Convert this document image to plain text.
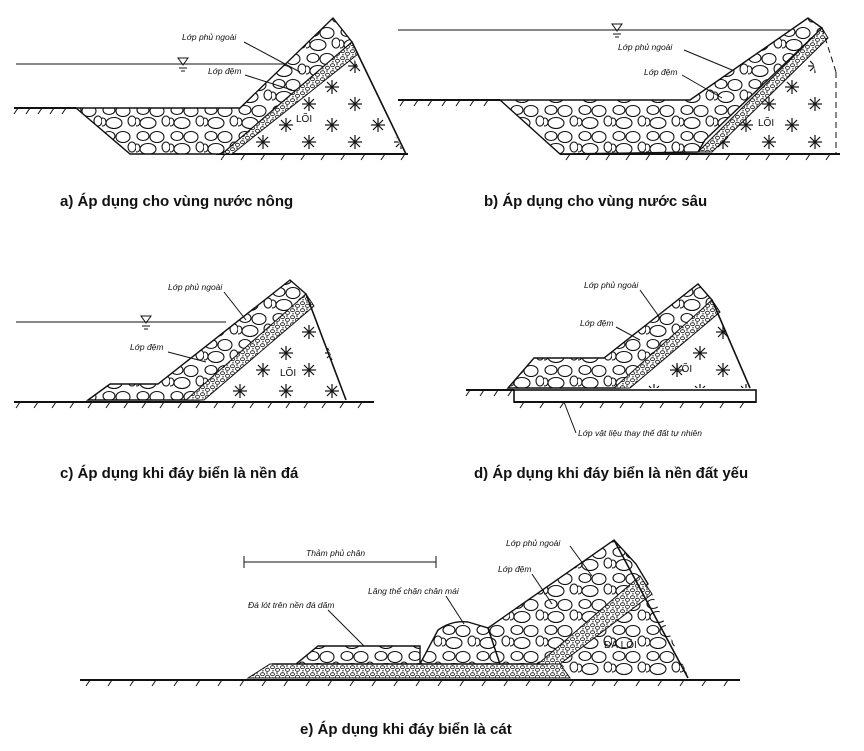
LÕI
Lớp phủ ngoài
Lớp đệm
a) Áp dụng cho vùng nước nông
LÕI
Lớp phủ ngoài
Lớp đệm
b) Áp dụng cho vùng nước sâu
LÕI
Lớp phủ ngoài
Lớp đệm
c) Áp dụng khi đáy biển là nền đá
LÕI
Lớp phủ ngoài
Lớp đệm
Lớp vật liệu thay thế đất tự nhiên
d) Áp dụng khi đáy biển là nền đất yếu
Thảm phủ chân
ĐÁ LÕI
Lớp phủ ngoài
Lớp đệm
Lăng thể chặn chân mái
Đá lót trên nền đá dăm
e) Áp dụng khi đáy biển là cát
